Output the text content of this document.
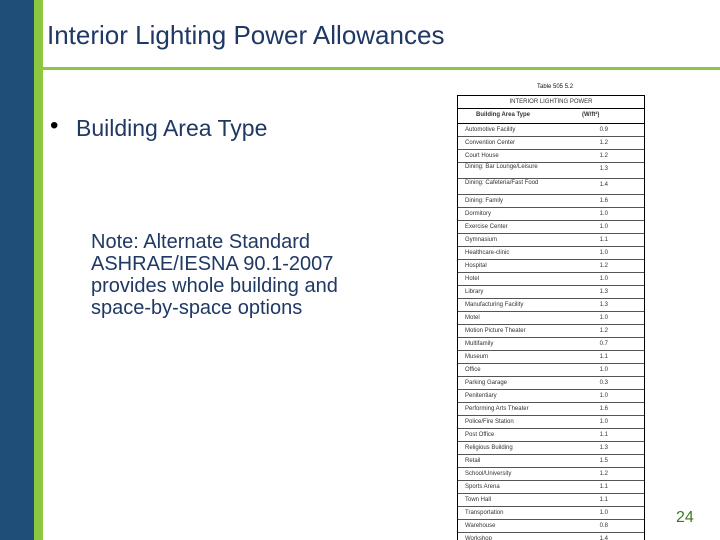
Interior Lighting Power Allowances
• Building Area Type
Note: Alternate Standard
ASHRAE/IESNA 90.1-2007
provides whole building and
space-by-space options
Table 505 5.2
INTERIOR LIGHTING POWER
Building Area Type	(W/ft²)
Automotive Facility	0.9
Convention Center	1.2
Court House	1.2
Dining: Bar Lounge/Leisure	1.3
Dining: Cafeteria/Fast Food	1.4
Dining: Family	1.6
Dormitory	1.0
Exercise Center	1.0
Gymnasium	1.1
Healthcare-clinic	1.0
Hospital	1.2
Hotel	1.0
Library	1.3
Manufacturing Facility	1.3
Motel	1.0
Motion Picture Theater	1.2
Multifamily	0.7
Museum	1.1
Office	1.0
Parking Garage	0.3
Penitentiary	1.0
Performing Arts Theater	1.6
Police/Fire Station	1.0
Post Office	1.1
Religious Building	1.3
Retail	1.5
School/University	1.2
Sports Arena	1.1
Town Hall	1.1
Transportation	1.0
Warehouse	0.8
Workshop	1.4
24
